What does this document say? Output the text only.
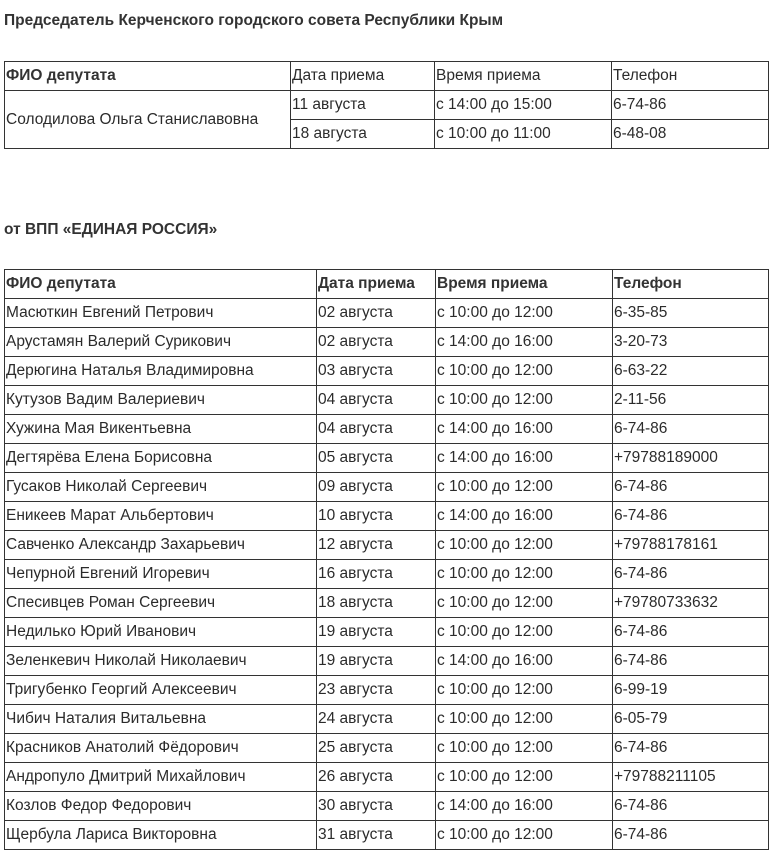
Председатель Керченского городского совета Республики Крым
ФИО депутата	Дата приема	Время приема	Телефон
Солодилова Ольга Станиславовна	11 августа	с 14:00 до 15:00	6-74-86
	18 августа	с 10:00 до 11:00	6-48-08
от ВПП «ЕДИНАЯ РОССИЯ»
ФИО депутата	Дата приема	Время приема	Телефон
Масюткин Евгений Петрович	02 августа	с 10:00 до 12:00	6-35-85
Арустамян Валерий Сурикович	02 августа	с 14:00 до 16:00	3-20-73
Дерюгина Наталья Владимировна	03 августа	с 10:00 до 12:00	6-63-22
Кутузов Вадим Валериевич	04 августа	с 10:00 до 12:00	2-11-56
Хужина Мая Викентьевна	04 августа	с 14:00 до 16:00	6-74-86
Дегтярёва Елена Борисовна	05 августа	с 14:00 до 16:00	+79788189000
Гусаков Николай Сергеевич	09 августа	с 10:00 до 12:00	6-74-86
Еникеев Марат Альбертович	10 августа	с 14:00 до 16:00	6-74-86
Савченко Александр Захарьевич	12 августа	с 10:00 до 12:00	+79788178161
Чепурной Евгений Игоревич	16 августа	с 10:00 до 12:00	6-74-86
Спесивцев Роман Сергеевич	18 августа	с 10:00 до 12:00	+79780733632
Недилько Юрий Иванович	19 августа	с 10:00 до 12:00	6-74-86
Зеленкевич Николай Николаевич	19 августа	с 14:00 до 16:00	6-74-86
Тригубенко Георгий Алексеевич	23 августа	с 10:00 до 12:00	6-99-19
Чибич Наталия Витальевна	24 августа	с 10:00 до 12:00	6-05-79
Красников Анатолий Фёдорович	25 августа	с 10:00 до 12:00	6-74-86
Андропуло Дмитрий Михайлович	26 августа	с 10:00 до 12:00	+79788211105
Козлов Федор Федорович	30 августа	с 14:00 до 16:00	6-74-86
Щербула Лариса Викторовна	31 августа	с 10:00 до 12:00	6-74-86
